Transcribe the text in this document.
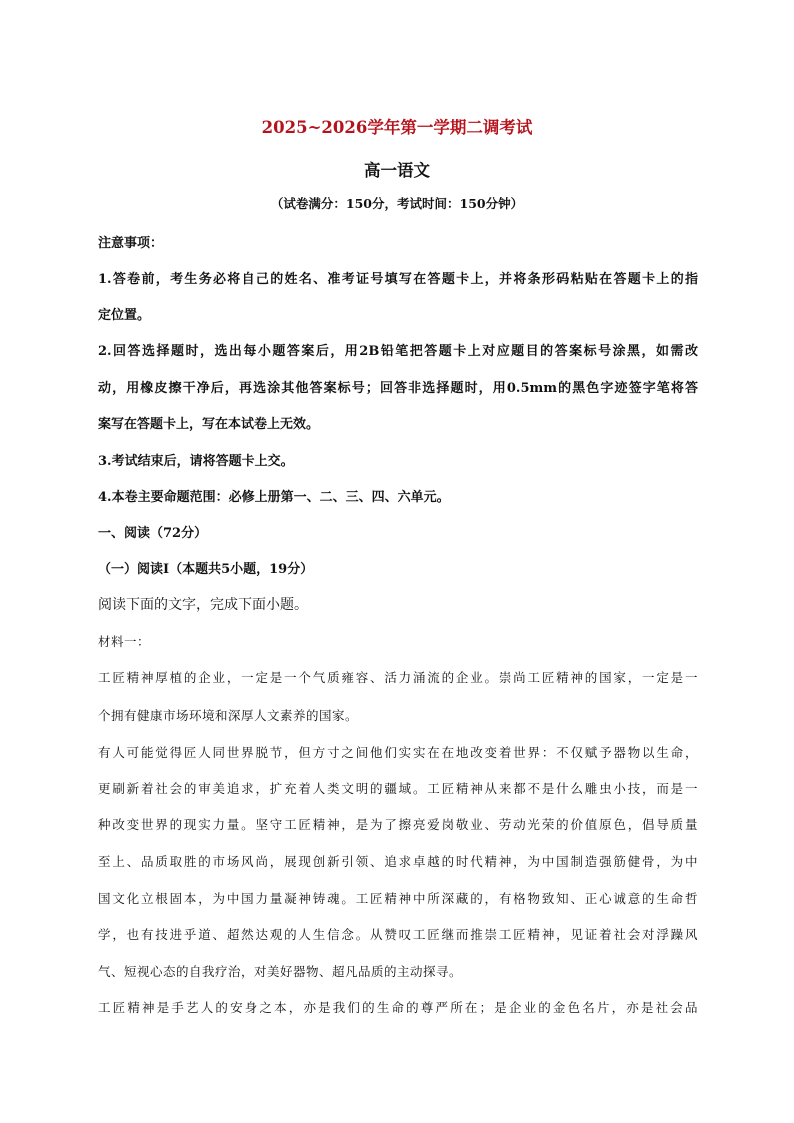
2025~2026学年第一学期二调考试
高一语文
（试卷满分：150分，考试时间：150分钟）

注意事项：

1.答卷前，考生务必将自己的姓名、准考证号填写在答题卡上，并将条形码粘贴在答题卡上的指

定位置。

2.回答选择题时，选出每小题答案后，用2B铅笔把答题卡上对应题目的答案标号涂黑，如需改

动，用橡皮擦干净后，再选涂其他答案标号；回答非选择题时，用0.5mm的黑色字迹签字笔将答

案写在答题卡上，写在本试卷上无效。

3.考试结束后，请将答题卡上交。

4.本卷主要命题范围：必修上册第一、二、三、四、六单元。

一、阅读（72分）

（一）阅读Ⅰ（本题共5小题，19分）

阅读下面的文字，完成下面小题。

材料一：

工匠精神厚植的企业，一定是一个气质雍容、活力涌流的企业。崇尚工匠精神的国家，一定是一

个拥有健康市场环境和深厚人文素养的国家。

有人可能觉得匠人同世界脱节，但方寸之间他们实实在在地改变着世界：不仅赋予器物以生命，

更刷新着社会的审美追求，扩充着人类文明的疆域。工匠精神从来都不是什么雕虫小技，而是一

种改变世界的现实力量。坚守工匠精神，是为了擦亮爱岗敬业、劳动光荣的价值原色，倡导质量

至上、品质取胜的市场风尚，展现创新引领、追求卓越的时代精神，为中国制造强筋健骨，为中

国文化立根固本，为中国力量凝神铸魂。工匠精神中所深藏的，有格物致知、正心诚意的生命哲

学，也有技进乎道、超然达观的人生信念。从赞叹工匠继而推崇工匠精神，见证着社会对浮躁风

气、短视心态的自我疗治，对美好器物、超凡品质的主动探寻。

工匠精神是手艺人的安身之本，亦是我们的生命的尊严所在；是企业的金色名片，亦是社会品
